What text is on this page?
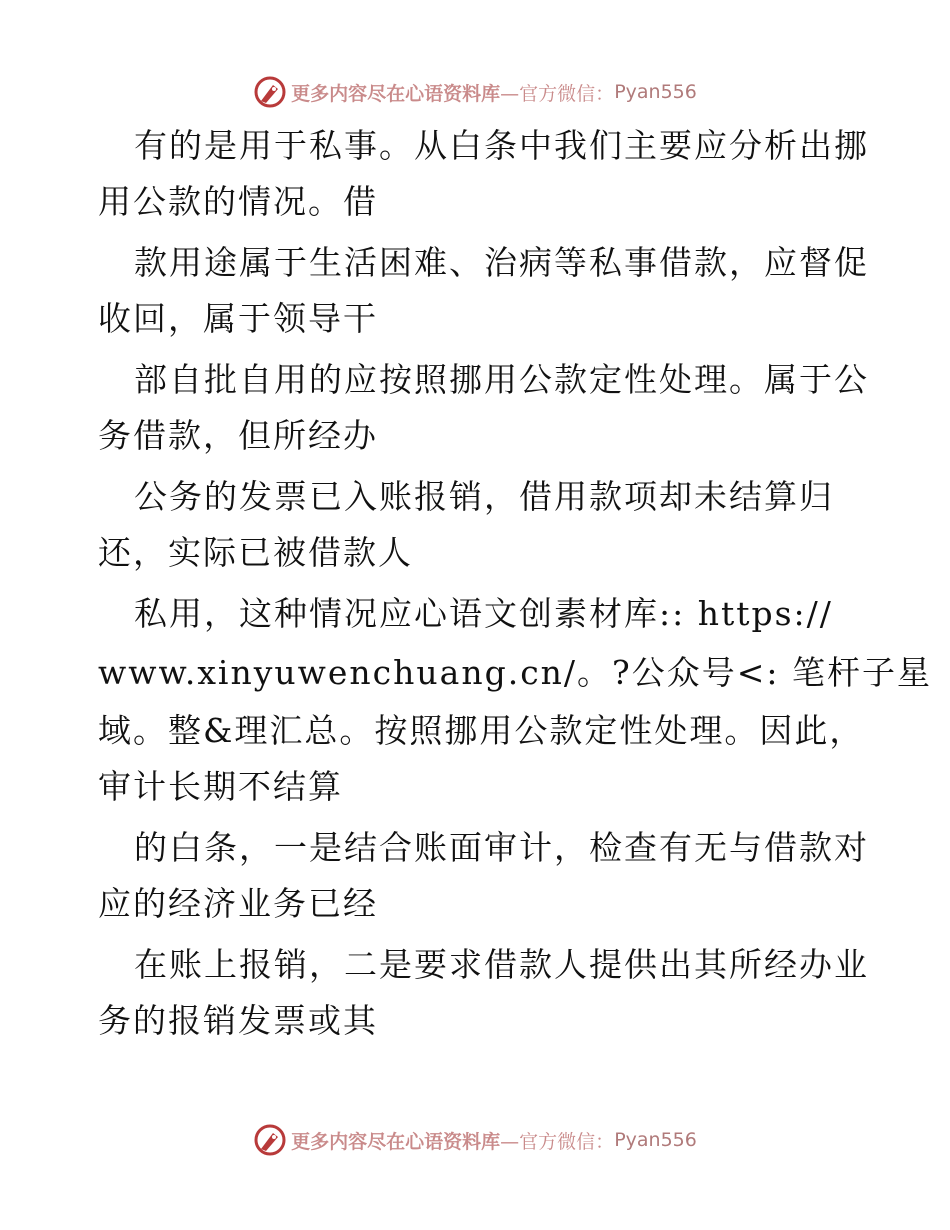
更多内容尽在心语资料库 —官方微信： Pyan556
有的是用于私事。从白条中我们主要应分析出挪
用公款的情况。借
款用途属于生活困难、治病等私事借款，应督促
收回，属于领导干
部自批自用的应按照挪用公款定性处理。属于公
务借款，但所经办
公务的发票已入账报销，借用款项却未结算归
还，实际已被借款人
私用，这种情况应心语文创素材库:: https://
www.xinyuwenchuang.cn/。?公众号<: 笔杆子星
域。整&理汇总。按照挪用公款定性处理。因此，
审计长期不结算
的白条，一是结合账面审计，检查有无与借款对
应的经济业务已经
在账上报销，二是要求借款人提供出其所经办业
务的报销发票或其
更多内容尽在心语资料库 —官方微信： Pyan556
